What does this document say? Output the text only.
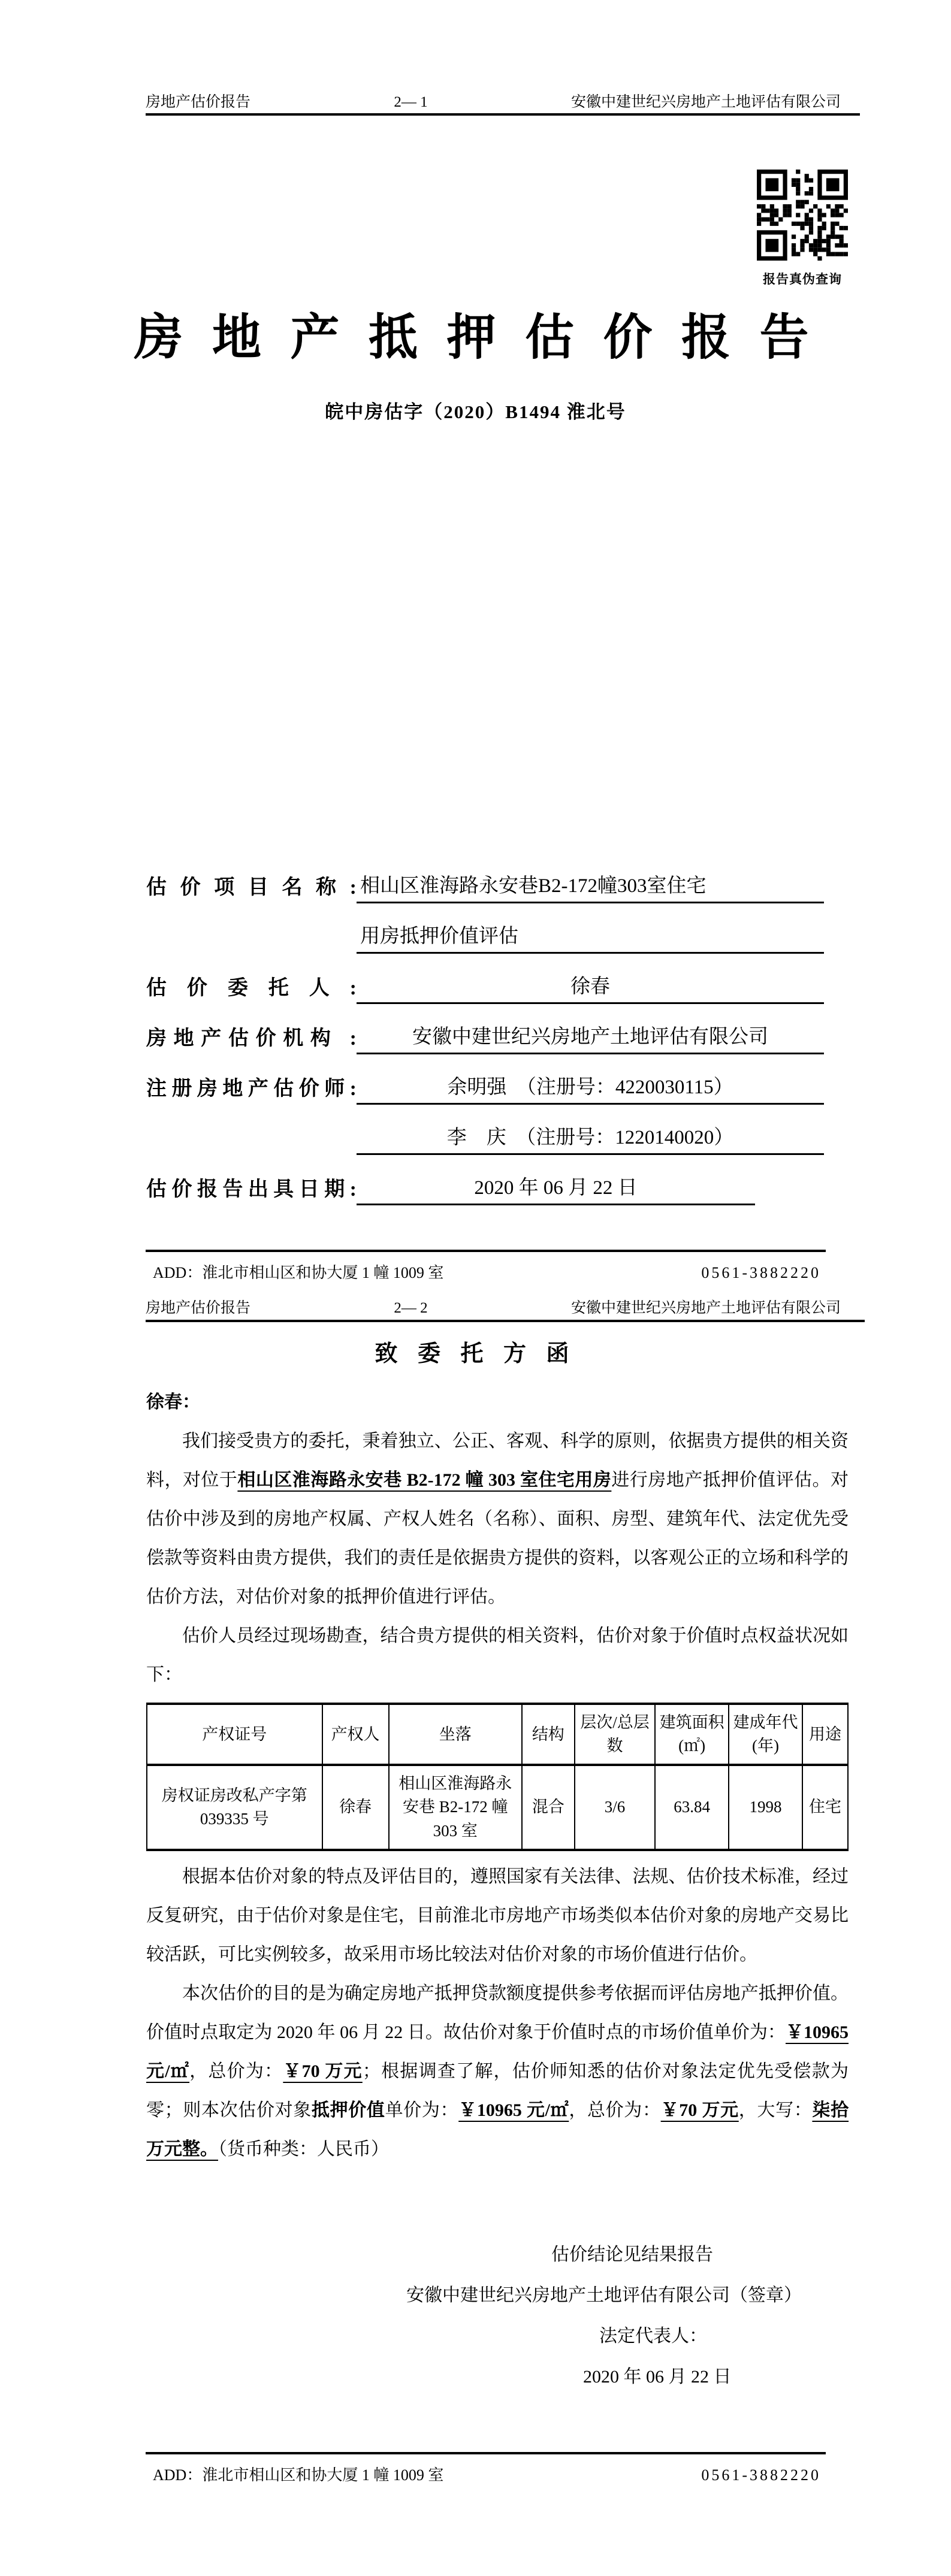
房地产估价报告	2— 1	安徽中建世纪兴房地产土地评估有限公司
报告真伪查询
房 地 产 抵 押 估 价 报 告
皖中房估字（2020）B1494 淮北号
估 价 项 目 名 称 : 相山区淮海路永安巷B2-172幢303室住宅
用房抵押价值评估
估 价 委 托 人 :	徐春
房地产估价机构 :	安徽中建世纪兴房地产土地评估有限公司
注册房地产估价师:	余明强　（注册号：4220030115）
李　庆　（注册号：1220140020）
估价报告出具日期:	2020 年 06 月 22 日
ADD：淮北市相山区和协大厦 1 幢 1009 室	0561-3882220
房地产估价报告	2— 2	安徽中建世纪兴房地产土地评估有限公司
致 委 托 方 函
徐春：

我们接受贵方的委托，秉着独立、公正、客观、科学的原则，依据贵方提供的相关资料，对位于相山区淮海路永安巷 B2-172 幢 303 室住宅用房进行房地产抵押价值评估。对估价中涉及到的房地产权属、产权人姓名（名称）、面积、房型、建筑年代、法定优先受偿款等资料由贵方提供，我们的责任是依据贵方提供的资料，以客观公正的立场和科学的估价方法，对估价对象的抵押价值进行评估。

估价人员经过现场勘查，结合贵方提供的相关资料，估价对象于价值时点权益状况如下：

产权证号	产权人	坐落	结构	层次/总层数	建筑面积(㎡)	建成年代(年)	用途
房权证房改私产字第 039335 号	徐春	相山区淮海路永安巷 B2-172 幢 303 室	混合	3/6	63.84	1998	住宅

根据本估价对象的特点及评估目的，遵照国家有关法律、法规、估价技术标准，经过反复研究，由于估价对象是住宅，目前淮北市房地产市场类似本估价对象的房地产交易比较活跃，可比实例较多，故采用市场比较法对估价对象的市场价值进行估价。

本次估价的目的是为确定房地产抵押贷款额度提供参考依据而评估房地产抵押价值。价值时点取定为 2020 年 06 月 22 日。故估价对象于价值时点的市场价值单价为：￥10965 元/㎡，总价为：￥70 万元；根据调查了解，估价师知悉的估价对象法定优先受偿款为零；则本次估价对象抵押价值单价为：￥10965 元/㎡，总价为：￥70 万元，大写：柒拾万元整。（货币种类：人民币）

估价结论见结果报告
安徽中建世纪兴房地产土地评估有限公司（签章）
法定代表人：
2020 年 06 月 22 日
ADD：淮北市相山区和协大厦 1 幢 1009 室	0561-3882220
